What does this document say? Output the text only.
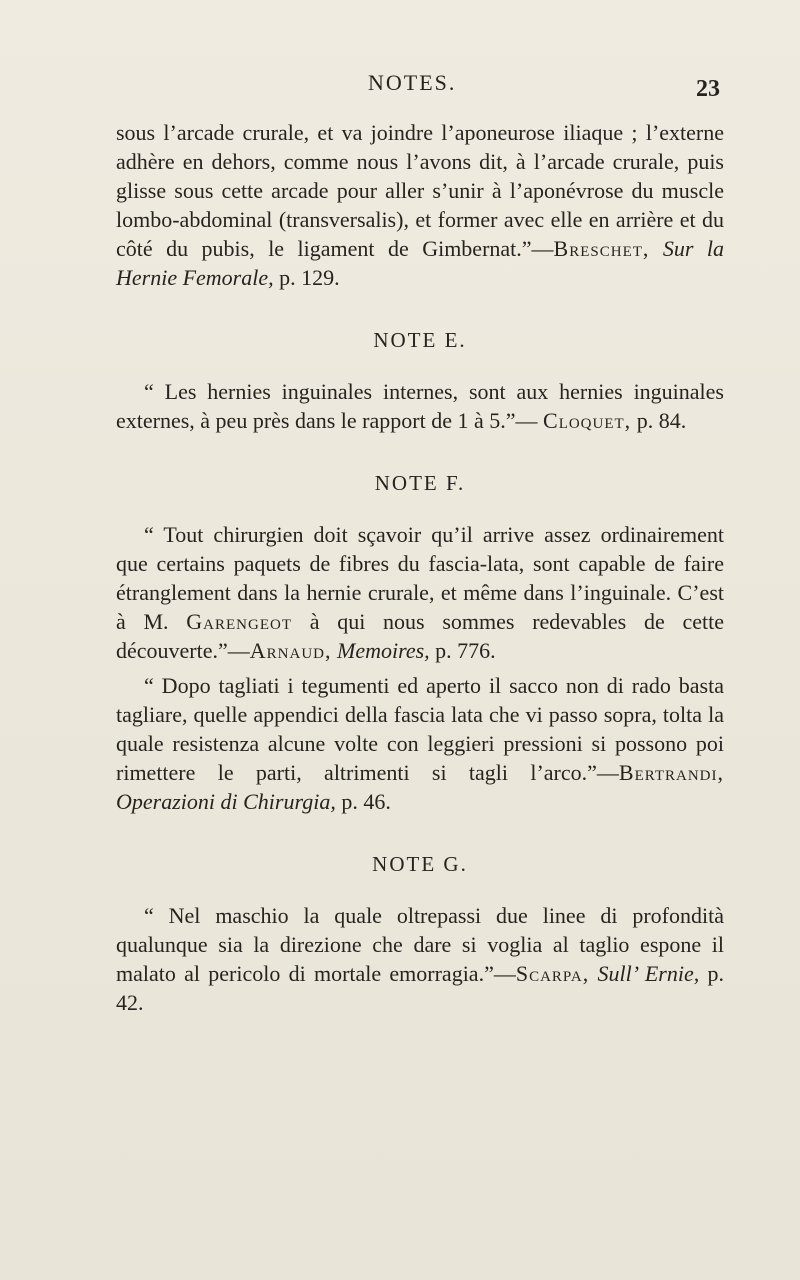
NOTES.	23

sous l’arcade crurale, et va joindre l’aponeurose iliaque ; l’externe adhère en dehors, comme nous l’avons dit, à l’arcade crurale, puis glisse sous cette arcade pour aller s’unir à l’aponévrose du muscle lombo-abdominal (transversalis), et former avec elle en arrière et du côté du pubis, le ligament de Gimbernat.”—Breschet, Sur la Hernie Femorale, p. 129.

NOTE E.

“ Les hernies inguinales internes, sont aux hernies inguinales externes, à peu près dans le rapport de 1 à 5.”— Cloquet, p. 84.

NOTE F.

“ Tout chirurgien doit sçavoir qu’il arrive assez ordinairement que certains paquets de fibres du fascia-lata, sont capable de faire étranglement dans la hernie crurale, et même dans l’inguinale. C’est à M. Garengeot à qui nous sommes redevables de cette découverte.”—Arnaud, Memoires, p. 776.

“ Dopo tagliati i tegumenti ed aperto il sacco non di rado basta tagliare, quelle appendici della fascia lata che vi passo sopra, tolta la quale resistenza alcune volte con leggieri pressioni si possono poi rimettere le parti, altrimenti si tagli l’arco.”—Bertrandi, Operazioni di Chirurgia, p. 46.

NOTE G.

“ Nel maschio la quale oltrepassi due linee di profondità qualunque sia la direzione che dare si voglia al taglio espone il malato al pericolo di mortale emorragia.”—Scarpa, Sull’ Ernie, p. 42.
